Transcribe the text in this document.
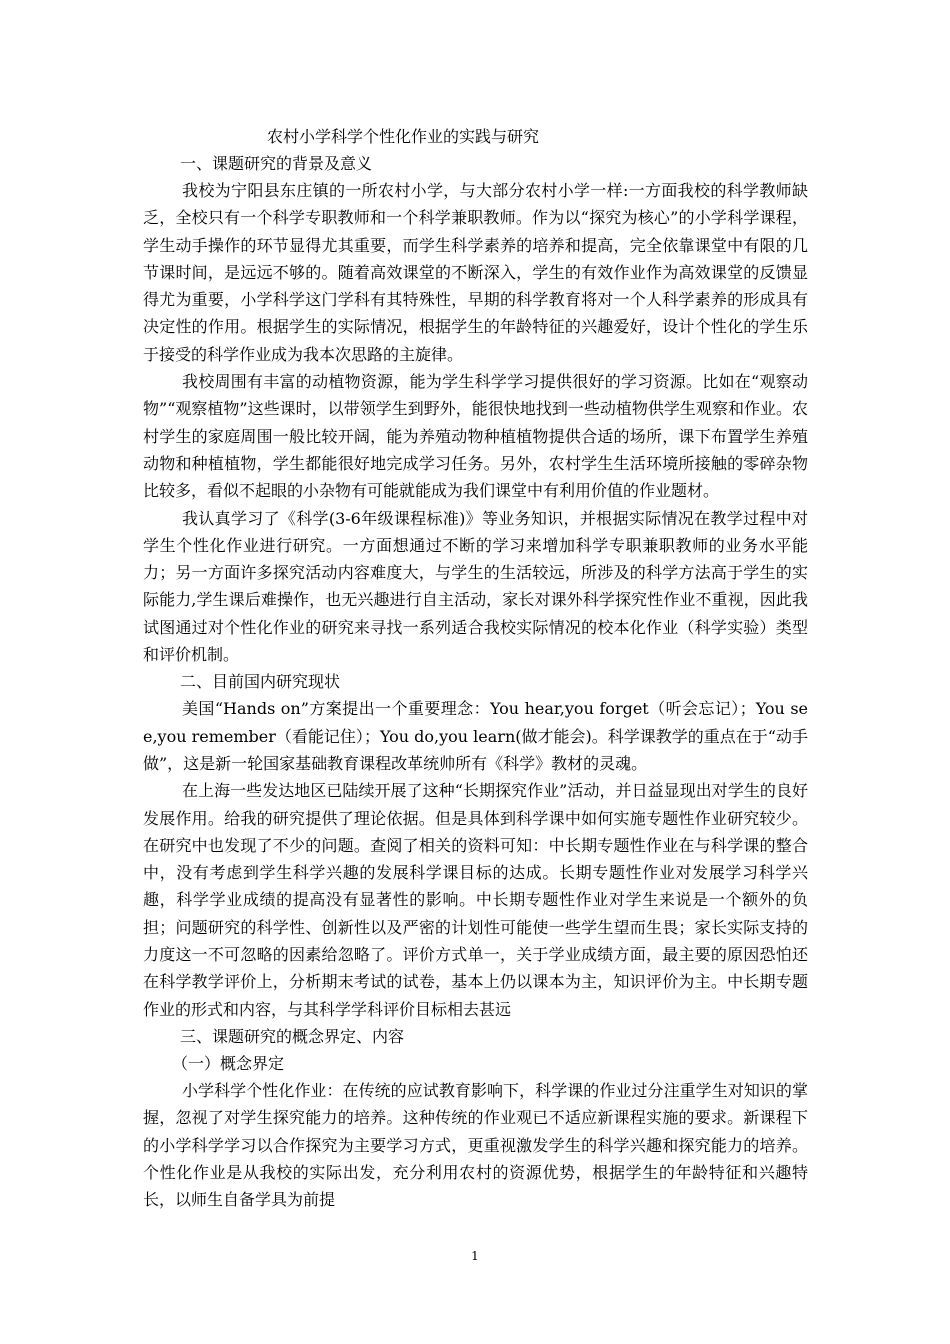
农村小学科学个性化作业的实践与研究

一、课题研究的背景及意义

我校为宁阳县东庄镇的一所农村小学，与大部分农村小学一样:一方面我校的科学教师缺乏，全校只有一个科学专职教师和一个科学兼职教师。作为以“探究为核心”的小学科学课程，学生动手操作的环节显得尤其重要，而学生科学素养的培养和提高，完全依靠课堂中有限的几节课时间，是远远不够的。随着高效课堂的不断深入，学生的有效作业作为高效课堂的反馈显得尤为重要，小学科学这门学科有其特殊性，早期的科学教育将对一个人科学素养的形成具有决定性的作用。根据学生的实际情况，根据学生的年龄特征的兴趣爱好，设计个性化的学生乐于接受的科学作业成为我本次思路的主旋律。

我校周围有丰富的动植物资源，能为学生科学学习提供很好的学习资源。比如在“观察动物”“观察植物”这些课时，以带领学生到野外，能很快地找到一些动植物供学生观察和作业。农村学生的家庭周围一般比较开阔，能为养殖动物种植植物提供合适的场所，课下布置学生养殖动物和种植植物，学生都能很好地完成学习任务。另外，农村学生生活环境所接触的零碎杂物比较多，看似不起眼的小杂物有可能就能成为我们课堂中有利用价值的作业题材。

我认真学习了《科学(3-6年级课程标准)》等业务知识，并根据实际情况在教学过程中对学生个性化作业进行研究。一方面想通过不断的学习来增加科学专职兼职教师的业务水平能力；另一方面许多探究活动内容难度大，与学生的生活较远，所涉及的科学方法高于学生的实际能力,学生课后难操作，也无兴趣进行自主活动，家长对课外科学探究性作业不重视，因此我试图通过对个性化作业的研究来寻找一系列适合我校实际情况的校本化作业（科学实验）类型和评价机制。

二、目前国内研究现状

美国“Hands on”方案提出一个重要理念：You hear,you forget（听会忘记）；You see,you remember（看能记住）；You do,you learn(做才能会)。科学课教学的重点在于“动手做”，这是新一轮国家基础教育课程改革统帅所有《科学》教材的灵魂。

在上海一些发达地区已陆续开展了这种“长期探究作业”活动，并日益显现出对学生的良好发展作用。给我的研究提供了理论依据。但是具体到科学课中如何实施专题性作业研究较少。在研究中也发现了不少的问题。查阅了相关的资料可知：中长期专题性作业在与科学课的整合中，没有考虑到学生科学兴趣的发展科学课目标的达成。长期专题性作业对发展学习科学兴趣，科学学业成绩的提高没有显著性的影响。中长期专题性作业对学生来说是一个额外的负担；问题研究的科学性、创新性以及严密的计划性可能使一些学生望而生畏；家长实际支持的力度这一不可忽略的因素给忽略了。评价方式单一，关于学业成绩方面，最主要的原因恐怕还在科学教学评价上，分析期末考试的试卷，基本上仍以课本为主，知识评价为主。中长期专题作业的形式和内容，与其科学学科评价目标相去甚远

三、课题研究的概念界定、内容

（一）概念界定

小学科学个性化作业：在传统的应试教育影响下，科学课的作业过分注重学生对知识的掌握，忽视了对学生探究能力的培养。这种传统的作业观已不适应新课程实施的要求。新课程下的小学科学学习以合作探究为主要学习方式，更重视激发学生的科学兴趣和探究能力的培养。个性化作业是从我校的实际出发，充分利用农村的资源优势，根据学生的年龄特征和兴趣特长，以师生自备学具为前提

1
